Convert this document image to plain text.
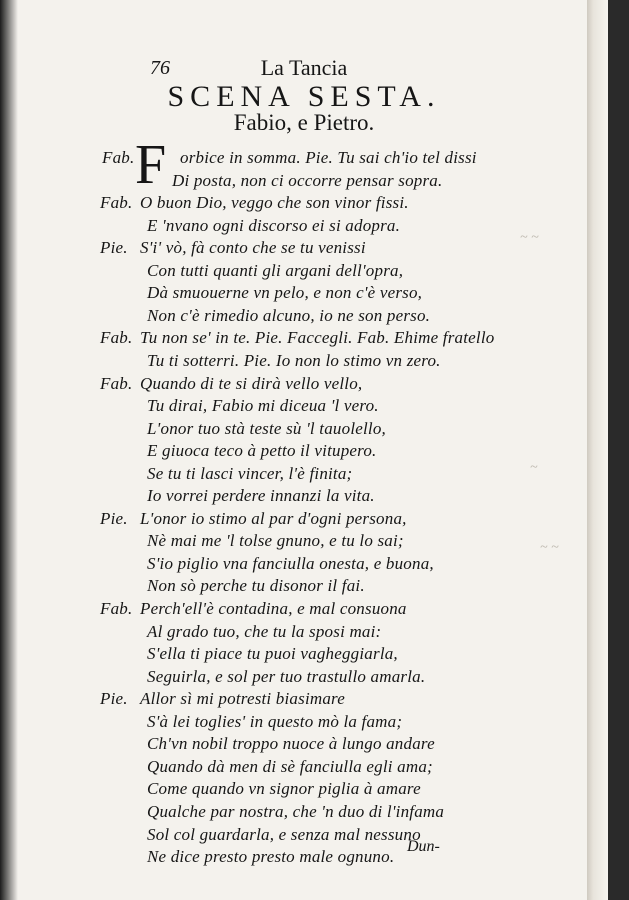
~ ~
~
~ ~
76	La Tancia
SCENA SESTA.
Fabio, e Pietro.
F
Fab.	orbice in somma. Pie. Tu sai ch'io tel dissi
Di posta, non ci occorre pensar sopra.
Fab. O buon Dio, veggo che son vinor fissi.
E 'nvano ogni discorso ei si adopra.
Pie. S'i' vò, fà conto che se tu venissi
Con tutti quanti gli argani dell'opra,
Dà smuouerne vn pelo, e non c'è verso,
Non c'è rimedio alcuno, io ne son perso.
Fab. Tu non se' in te. Pie. Faccegli. Fab. Ehime fratello
Tu ti sotterri. Pie. Io non lo stimo vn zero.
Fab. Quando di te si dirà vello vello,
Tu dirai, Fabio mi diceua 'l vero.
L'onor tuo stà teste sù 'l tauolello,
E giuoca teco à petto il vitupero.
Se tu ti lasci vincer, l'è finita;
Io vorrei perdere innanzi la vita.
Pie. L'onor io stimo al par d'ogni persona,
Nè mai me 'l tolse gnuno, e tu lo sai;
S'io piglio vna fanciulla onesta, e buona,
Non sò perche tu disonor il fai.
Fab. Perch'ell'è contadina, e mal consuona
Al grado tuo, che tu la sposi mai:
S'ella ti piace tu puoi vagheggiarla,
Seguirla, e sol per tuo trastullo amarla.
Pie. Allor sì mi potresti biasimare
S'à lei toglies' in questo mò la fama;
Ch'vn nobil troppo nuoce à lungo andare
Quando dà men di sè fanciulla egli ama;
Come quando vn signor piglia à amare
Qualche par nostra, che 'n duo di l'infama
Sol col guardarla, e senza mal nessuno
Ne dice presto presto male ognuno.
Dun-
